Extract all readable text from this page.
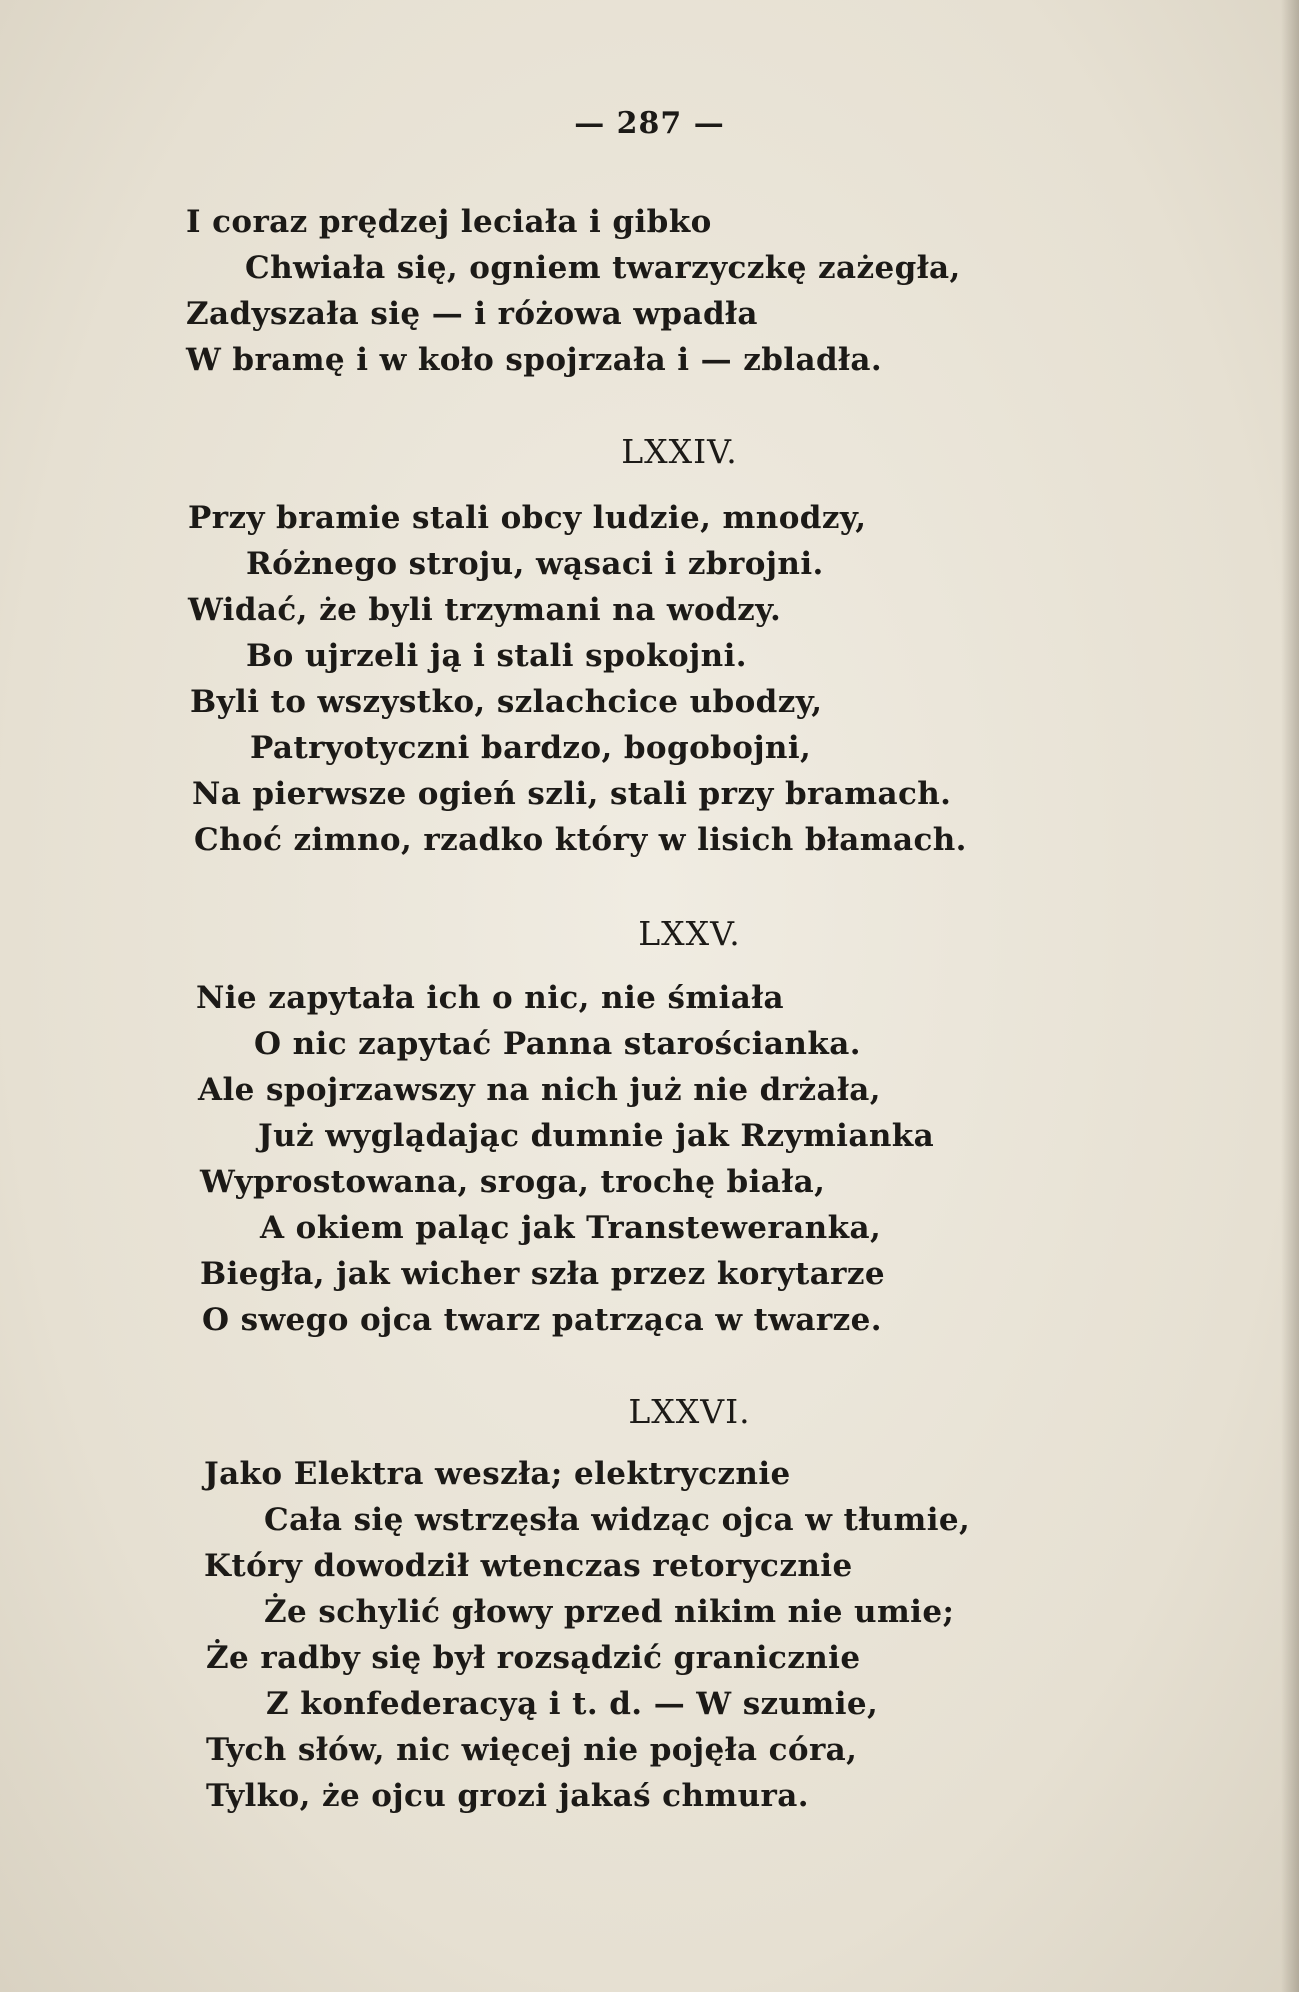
— 287 —
I coraz prędzej leciała i gibko
Chwiała się, ogniem twarzyczkę zażegła,
Zadyszała się — i różowa wpadła
W bramę i w koło spojrzała i — zbladła.
LXXIV.
Przy bramie stali obcy ludzie, mnodzy,
Różnego stroju, wąsaci i zbrojni.
Widać, że byli trzymani na wodzy.
Bo ujrzeli ją i stali spokojni.
Byli to wszystko, szlachcice ubodzy,
Patryotyczni bardzo, bogobojni,
Na pierwsze ogień szli, stali przy bramach.
Choć zimno, rzadko który w lisich błamach.
LXXV.
Nie zapytała ich o nic, nie śmiała
O nic zapytać Panna starościanka.
Ale spojrzawszy na nich już nie drżała,
Już wyglądając dumnie jak Rzymianka
Wyprostowana, sroga, trochę biała,
A okiem paląc jak Transteweranka,
Biegła, jak wicher szła przez korytarze
O swego ojca twarz patrząca w twarze.
LXXVI.
Jako Elektra weszła; elektrycznie
Cała się wstrzęsła widząc ojca w tłumie,
Który dowodził wtenczas retorycznie
Że schylić głowy przed nikim nie umie;
Że radby się był rozsądzić granicznie
Z konfederacyą i t. d. — W szumie,
Tych słów, nic więcej nie pojęła córa,
Tylko, że ojcu grozi jakaś chmura.
